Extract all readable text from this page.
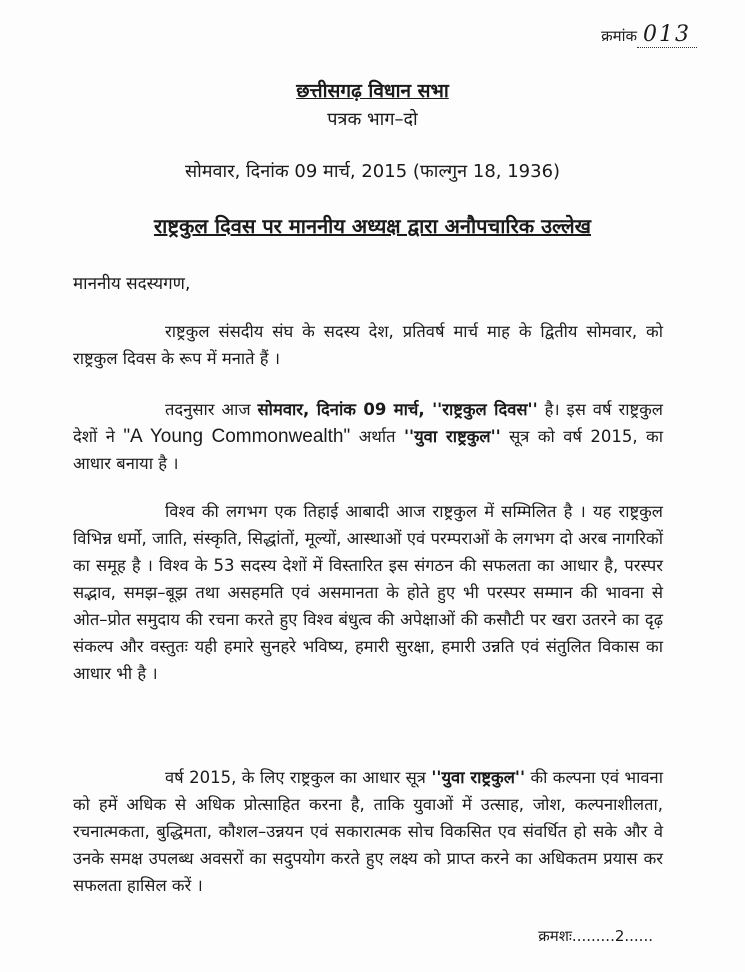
क्रमांक 013

छत्तीसगढ़ विधान सभा

पत्रक भाग–दो

सोमवार, दिनांक 09 मार्च, 2015 (फाल्गुन 18, 1936)
राष्ट्रकुल दिवस पर माननीय अध्यक्ष द्वारा अनौपचारिक उल्लेख
माननीय सदस्यगण,

राष्ट्रकुल संसदीय संघ के सदस्य देश, प्रतिवर्ष मार्च माह के द्वितीय सोमवार, को राष्ट्रकुल दिवस के रूप में मनाते हैं ।

तदनुसार आज सोमवार, दिनांक 09 मार्च, ''राष्ट्रकुल दिवस'' है। इस वर्ष राष्ट्रकुल देशों ने "A Young Commonwealth" अर्थात ''युवा राष्ट्रकुल'' सूत्र को वर्ष 2015, का आधार बनाया है ।

विश्व की लगभग एक तिहाई आबादी आज राष्ट्रकुल में सम्मिलित है । यह राष्ट्रकुल विभिन्न धर्मो, जाति, संस्कृति, सिद्धांतों, मूल्यों, आस्थाओं एवं परम्पराओं के लगभग दो अरब नागरिकों का समूह है । विश्व के 53 सदस्य देशों में विस्तारित इस संगठन की सफलता का आधार है, परस्पर सद्भाव, समझ–बूझ तथा असहमति एवं असमानता के होते हुए भी परस्पर सम्मान की भावना से ओत–प्रोत समुदाय की रचना करते हुए विश्व बंधुत्व की अपेक्षाओं की कसौटी पर खरा उतरने का दृढ़ संकल्प और वस्तुतः यही हमारे सुनहरे भविष्य, हमारी सुरक्षा, हमारी उन्नति एवं संतुलित विकास का आधार भी है ।

वर्ष 2015, के लिए राष्ट्रकुल का आधार सूत्र ''युवा राष्ट्रकुल'' की कल्पना एवं भावना को हमें अधिक से अधिक प्रोत्साहित करना है, ताकि युवाओं में उत्साह, जोश, कल्पनाशीलता, रचनात्मकता, बुद्धिमता, कौशल–उन्नयन एवं सकारात्मक सोच विकसित एव संवर्धित हो सके और वे उनके समक्ष उपलब्ध अवसरों का सदुपयोग करते हुए लक्ष्य को प्राप्त करने का अधिकतम प्रयास कर सफलता हासिल करें ।

क्रमशः.........2......
